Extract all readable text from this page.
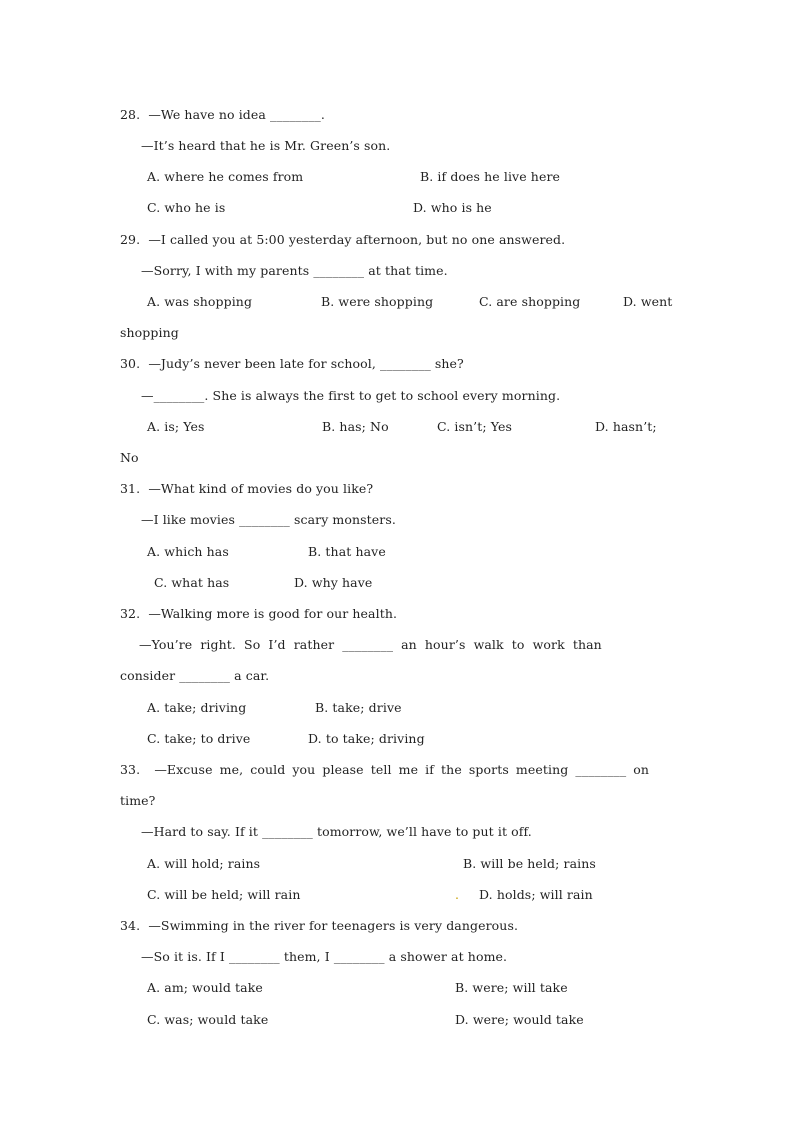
28.  —We have no idea ________.
—It’s heard that he is Mr. Green’s son.
A. where he comes from	B. if does he live here
C. who he is	D. who is he
29.  —I called you at 5:00 yesterday afternoon, but no one answered.
—Sorry, I with my parents ________ at that time.
A. was shopping	B. were shopping	C. are shopping	D. went
shopping
30.  —Judy’s never been late for school, ________ she?
—________. She is always the first to get to school every morning.
A. is; Yes	B. has; No	C. isn’t; Yes	D. hasn’t;
No
31.  —What kind of movies do you like?
—I like movies ________ scary monsters.
A. which has	B. that have
C. what has	D. why have
32.  —Walking more is good for our health.
—You’re right. So I’d rather ________ an hour’s walk to work than
consider ________ a car.
A. take; driving	B. take; drive
C. take; to drive	D. to take; driving
33.  —Excuse me, could you please tell me if the sports meeting ________ on
time?
—Hard to say. If it ________ tomorrow, we’ll have to put it off.
A. will hold; rains	B. will be held; rains
C. will be held; will rain	. D. holds; will rain
34.  —Swimming in the river for teenagers is very dangerous.
—So it is. If I ________ them, I ________ a shower at home.
A. am; would take	B. were; will take
C. was; would take	D. were; would take
